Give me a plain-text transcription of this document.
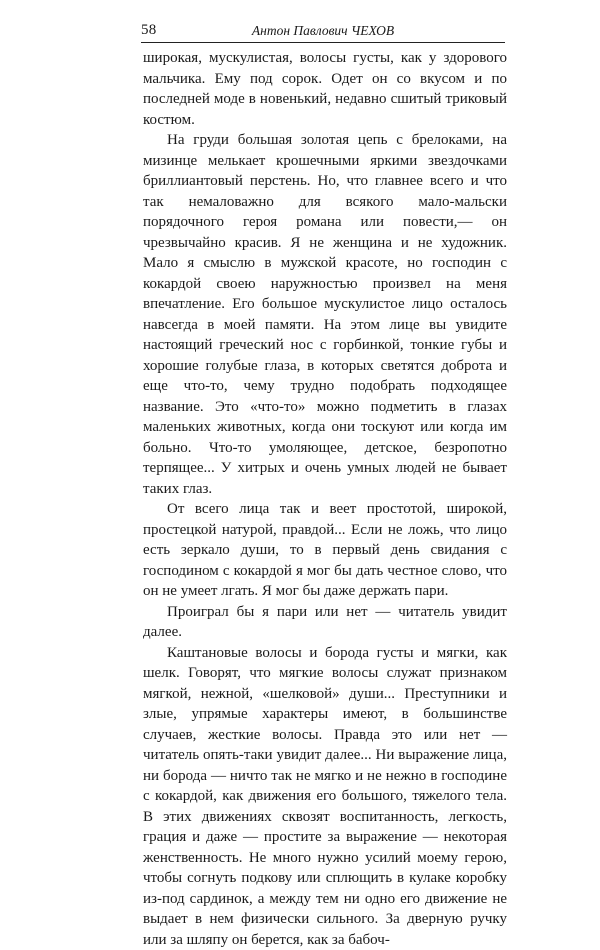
58	Антон Павлович ЧЕХОВ

широкая, мускулистая, волосы густы, как у здорового мальчика. Ему под сорок. Одет он со вкусом и по последней моде в новенький, недавно сшитый триковый костюм.

На груди большая золотая цепь с брелоками, на мизинце мелькает крошечными яркими звездочками бриллиантовый перстень. Но, что главнее всего и что так немаловажно для всякого мало-мальски порядочного героя романа или повести,— он чрезвычайно красив. Я не женщина и не художник. Мало я смыслю в мужской красоте, но господин с кокардой своею наружностью произвел на меня впечатление. Его большое мускулистое лицо осталось навсегда в моей памяти. На этом лице вы увидите настоящий греческий нос с горбинкой, тонкие губы и хорошие голубые глаза, в которых светятся доброта и еще что-то, чему трудно подобрать подходящее название. Это «что-то» можно подметить в глазах маленьких животных, когда они тоскуют или когда им больно. Что-то умоляющее, детское, безропотно терпящее... У хитрых и очень умных людей не бывает таких глаз.

От всего лица так и веет простотой, широкой, простецкой натурой, правдой... Если не ложь, что лицо есть зеркало души, то в первый день свидания с господином с кокардой я мог бы дать честное слово, что он не умеет лгать. Я мог бы даже держать пари.

Проиграл бы я пари или нет — читатель увидит далее.

Каштановые волосы и борода густы и мягки, как шелк. Говорят, что мягкие волосы служат признаком мягкой, нежной, «шелковой» души... Преступники и злые, упрямые характеры имеют, в большинстве случаев, жесткие волосы. Правда это или нет — читатель опять-таки увидит далее... Ни выражение лица, ни борода — ничто так не мягко и не нежно в господине с кокардой, как движения его большого, тяжелого тела. В этих движениях сквозят воспитанность, легкость, грация и даже — простите за выражение — некоторая женственность. Не много нужно усилий моему герою, чтобы согнуть подкову или сплющить в кулаке коробку из-под сардинок, а между тем ни одно его движение не выдает в нем физически сильного. За дверную ручку или за шляпу он берется, как за бабоч-
